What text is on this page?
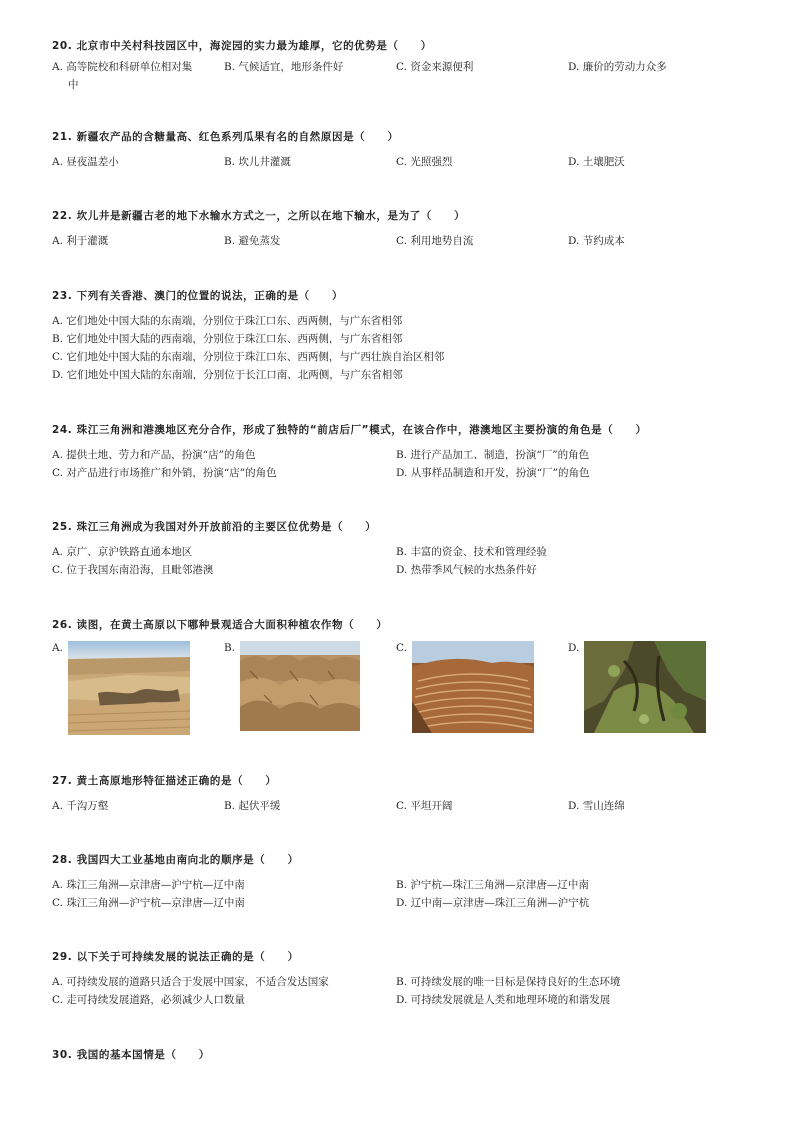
20. 北京市中关村科技园区中，海淀园的实力最为雄厚，它的优势是（　　）
A. 高等院校和科研单位相对集	B. 气候适宜，地形条件好	C. 资金来源便利	D. 廉价的劳动力众多
中
21. 新疆农产品的含糖量高、红色系列瓜果有名的自然原因是（　　）
A. 昼夜温差小	B. 坎儿井灌溉	C. 光照强烈	D. 土壤肥沃
22. 坎儿井是新疆古老的地下水输水方式之一，之所以在地下输水，是为了（　　）
A. 利于灌溉	B. 避免蒸发	C. 利用地势自流	D. 节约成本
23. 下列有关香港、澳门的位置的说法，正确的是（　　）
A. 它们地处中国大陆的东南端，分别位于珠江口东、西两侧，与广东省相邻
B. 它们地处中国大陆的西南端，分别位于珠江口东、西两侧，与广东省相邻
C. 它们地处中国大陆的东南端，分别位于珠江口东、西两侧，与广西壮族自治区相邻
D. 它们地处中国大陆的东南端，分别位于长江口南、北两侧，与广东省相邻
24. 珠江三角洲和港澳地区充分合作，形成了独特的“前店后厂”模式，在该合作中，港澳地区主要扮演的角色是（　　）
A. 提供土地、劳力和产品，扮演“店”的角色	B. 进行产品加工、制造，扮演“厂”的角色
C. 对产品进行市场推广和外销，扮演“店”的角色	D. 从事样品制造和开发，扮演“厂”的角色
25. 珠江三角洲成为我国对外开放前沿的主要区位优势是（　　）
A. 京广、京沪铁路直通本地区	B. 丰富的资金、技术和管理经验
C. 位于我国东南沿海，且毗邻港澳	D. 热带季风气候的水热条件好
26. 读图，在黄土高原以下哪种景观适合大面积种植农作物（　　）
A.	B.	C.	D.
27. 黄土高原地形特征描述正确的是（　　）
A. 千沟万壑	B. 起伏平缓	C. 平坦开阔	D. 雪山连绵
28. 我国四大工业基地由南向北的顺序是（　　）
A. 珠江三角洲—京津唐—沪宁杭—辽中南	B. 沪宁杭—珠江三角洲—京津唐—辽中南
C. 珠江三角洲—沪宁杭—京津唐—辽中南	D. 辽中南—京津唐—珠江三角洲—沪宁杭
29. 以下关于可持续发展的说法正确的是（　　）
A. 可持续发展的道路只适合于发展中国家，不适合发达国家	B. 可持续发展的唯一目标是保持良好的生态环境
C. 走可持续发展道路，必须减少人口数量	D. 可持续发展就是人类和地理环境的和谐发展
30. 我国的基本国情是（　　）
